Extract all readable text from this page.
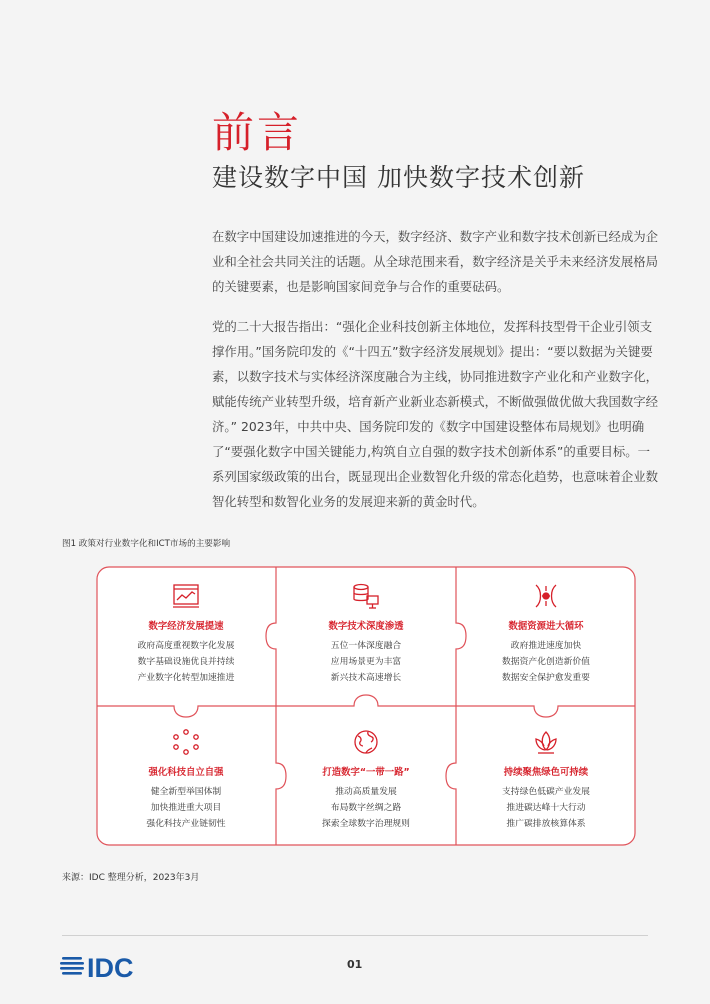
前言
建设数字中国 加快数字技术创新

在数字中国建设加速推进的今天，数字经济、数字产业和数字技术创新已经成为企业和全社会共同关注的话题。从全球范围来看，数字经济是关乎未来经济发展格局的关键要素，也是影响国家间竞争与合作的重要砝码。

党的二十大报告指出：“强化企业科技创新主体地位，发挥科技型骨干企业引领支撑作用。”国务院印发的《“十四五”数字经济发展规划》提出：“要以数据为关键要素，以数字技术与实体经济深度融合为主线，协同推进数字产业化和产业数字化，赋能传统产业转型升级，培育新产业新业态新模式，不断做强做优做大我国数字经济。” 2023年，中共中央、国务院印发的《数字中国建设整体布局规划》也明确了“要强化数字中国关键能力,构筑自立自强的数字技术创新体系”的重要目标。一系列国家级政策的出台，既显现出企业数智化升级的常态化趋势，也意味着企业数智化转型和数智化业务的发展迎来新的黄金时代。

图1 政策对行业数字化和ICT市场的主要影响
数字经济发展提速
政府高度重视数字化发展
数字基础设施优良并持续
产业数字化转型加速推进
数字技术深度渗透
五位一体深度融合
应用场景更为丰富
新兴技术高速增长
数据资源进大循环
政府推进速度加快
数据资产化创造新价值
数据安全保护愈发重要
强化科技自立自强
健全新型举国体制
加快推进重大项目
强化科技产业链韧性
打造数字“一带一路”
推动高质量发展
布局数字丝绸之路
探索全球数字治理规则
持续聚焦绿色可持续
支持绿色低碳产业发展
推进碳达峰十大行动
推广碳排放核算体系
来源：IDC 整理分析，2023年3月
IDC	01
